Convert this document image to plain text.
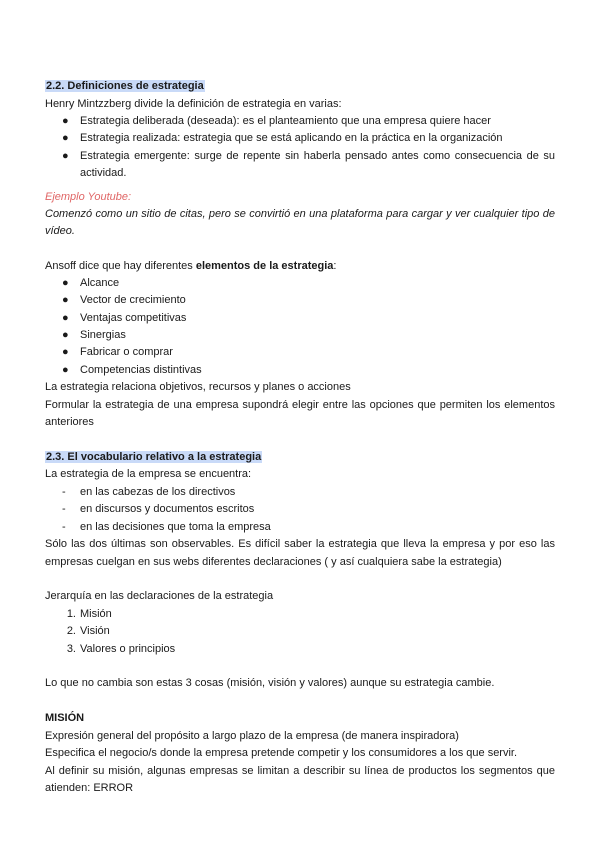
2.2. Definiciones de estrategia
Henry Mintzzberg divide la definición de estrategia en varias:
● Estrategia deliberada (deseada): es el planteamiento que una empresa quiere hacer
● Estrategia realizada: estrategia que se está aplicando en la práctica en la organización
● Estrategia emergente: surge de repente sin haberla pensado antes como consecuencia de su
actividad.
Ejemplo Youtube:
Comenzó como un sitio de citas, pero se convirtió en una plataforma para cargar y ver cualquier tipo de
vídeo.
Ansoff dice que hay diferentes elementos de la estrategia:
● Alcance
● Vector de crecimiento
● Ventajas competitivas
● Sinergias
● Fabricar o comprar
● Competencias distintivas
La estrategia relaciona objetivos, recursos y planes o acciones
Formular la estrategia de una empresa supondrá elegir entre las opciones que permiten los elementos
anteriores
2.3. El vocabulario relativo a la estrategia
La estrategia de la empresa se encuentra:
- en las cabezas de los directivos
- en discursos y documentos escritos
- en las decisiones que toma la empresa
Sólo las dos últimas son observables. Es difícil saber la estrategia que lleva la empresa y por eso las
empresas cuelgan en sus webs diferentes declaraciones ( y así cualquiera sabe la estrategia)
Jerarquía en las declaraciones de la estrategia
1. Misión
2. Visión
3. Valores o principios
Lo que no cambia son estas 3 cosas (misión, visión y valores) aunque su estrategia cambie.
MISIÓN
Expresión general del propósito a largo plazo de la empresa (de manera inspiradora)
Especifica el negocio/s donde la empresa pretende competir y los consumidores a los que servir.
Al definir su misión, algunas empresas se limitan a describir su línea de productos los segmentos que
atienden: ERROR
